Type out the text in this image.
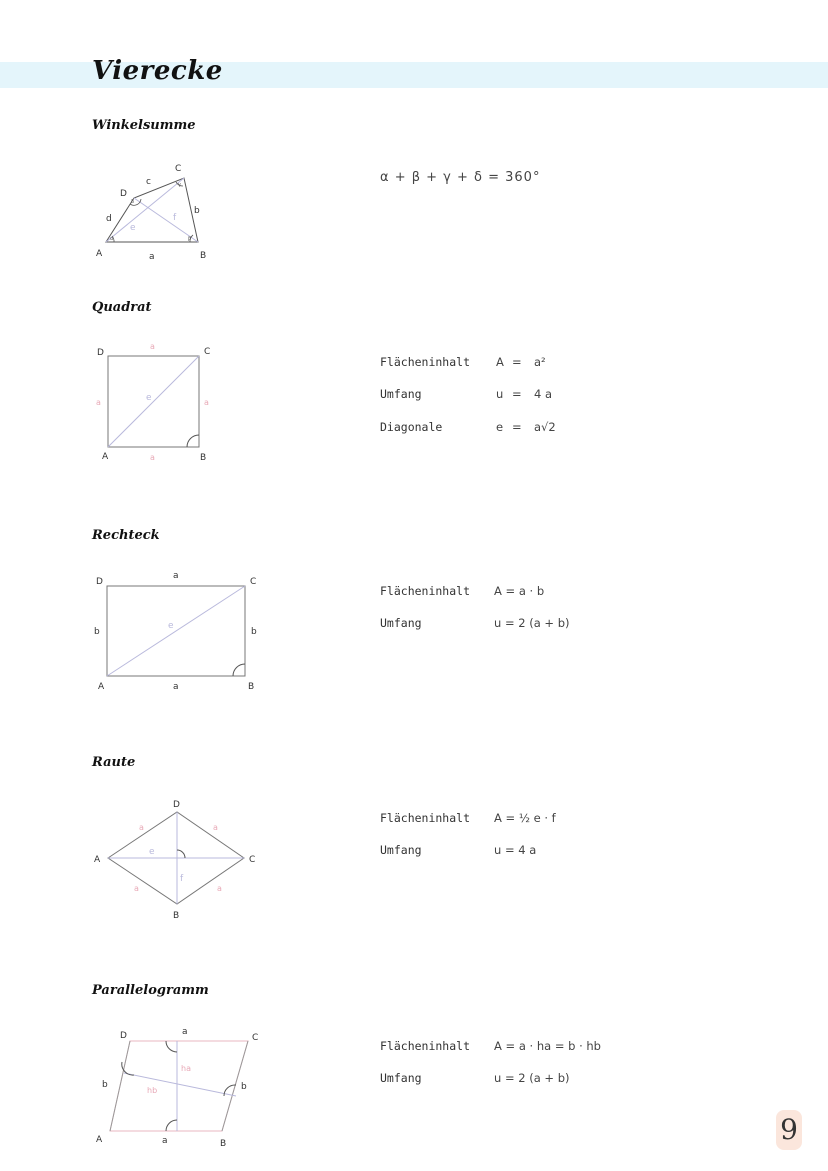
Vierecke
Winkelsumme
α	β
γ
δ
A	B
C
D
a
b
c
d
e
f
α + β + γ + δ = 360°
Quadrat
D	C
A	B
a
a
a	a
e
Flächeninhalt A = a²
Umfang	u = 4 a
Diagonale	e = a√2
Rechteck
D	C
A	B
a
a
b	b
e
Flächeninhalt A = a · b
Umfang	u = 2 (a + b)
Raute
D
A	C
B
a	a
a	a
e
f
Flächeninhalt A = ½ e · f
Umfang	u = 4 a
Parallelogramm
D	C
A	B
a
a
b	b
ha
hb
Flächeninhalt A = a · ha = b · hb
Umfang	u = 2 (a + b)
9
